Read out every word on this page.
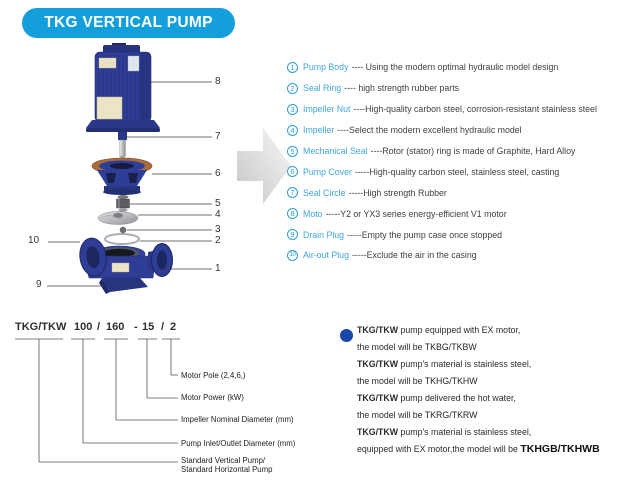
TKG VERTICAL PUMP
8
7
6
5
4
3
2
1
10
9
1 Pump Body ---- Using the modern optimal hydraulic model design
2 Seal Ring ---- high strength rubber parts
3 Impeller Nut ----High-quality carbon steel, corrosion-resistant stainless steel
4 Impeller ----Select the modern excellent hydraulic model
5 Mechanical Seal ----Rotor (stator) ring is made of Graphite, Hard Alloy
6 Pump Cover -----High-quality carbon steel, stainless steel, casting
7 Seal Circle -----High strength Rubber
8 Moto -----Y2 or YX3 series energy-efficient V1 motor
9 Drain Plug -----Empty the pump case once stopped
10 Air-out Plug -----Exclude the air in the casing
TKG/TKW 100 / 160 - 15 / 2
Motor Pole (2,4,6,)
Motor Power (kW)
Impeller Nominal Diameter (mm)
Pump Inlet/Outlet Diameter (mm)
Standard Vertical Pump/
Standard Horizontal Pump
TKG/TKW pump equipped with EX motor,
the model will be TKBG/TKBW
TKG/TKW pump's material is stainless steel,
the model will be TKHG/TKHW
TKG/TKW pump delivered the hot water,
the model will be TKRG/TKRW
TKG/TKW pump's material is stainless steel,
equipped with EX motor,the model will be TKHGB/TKHWB
